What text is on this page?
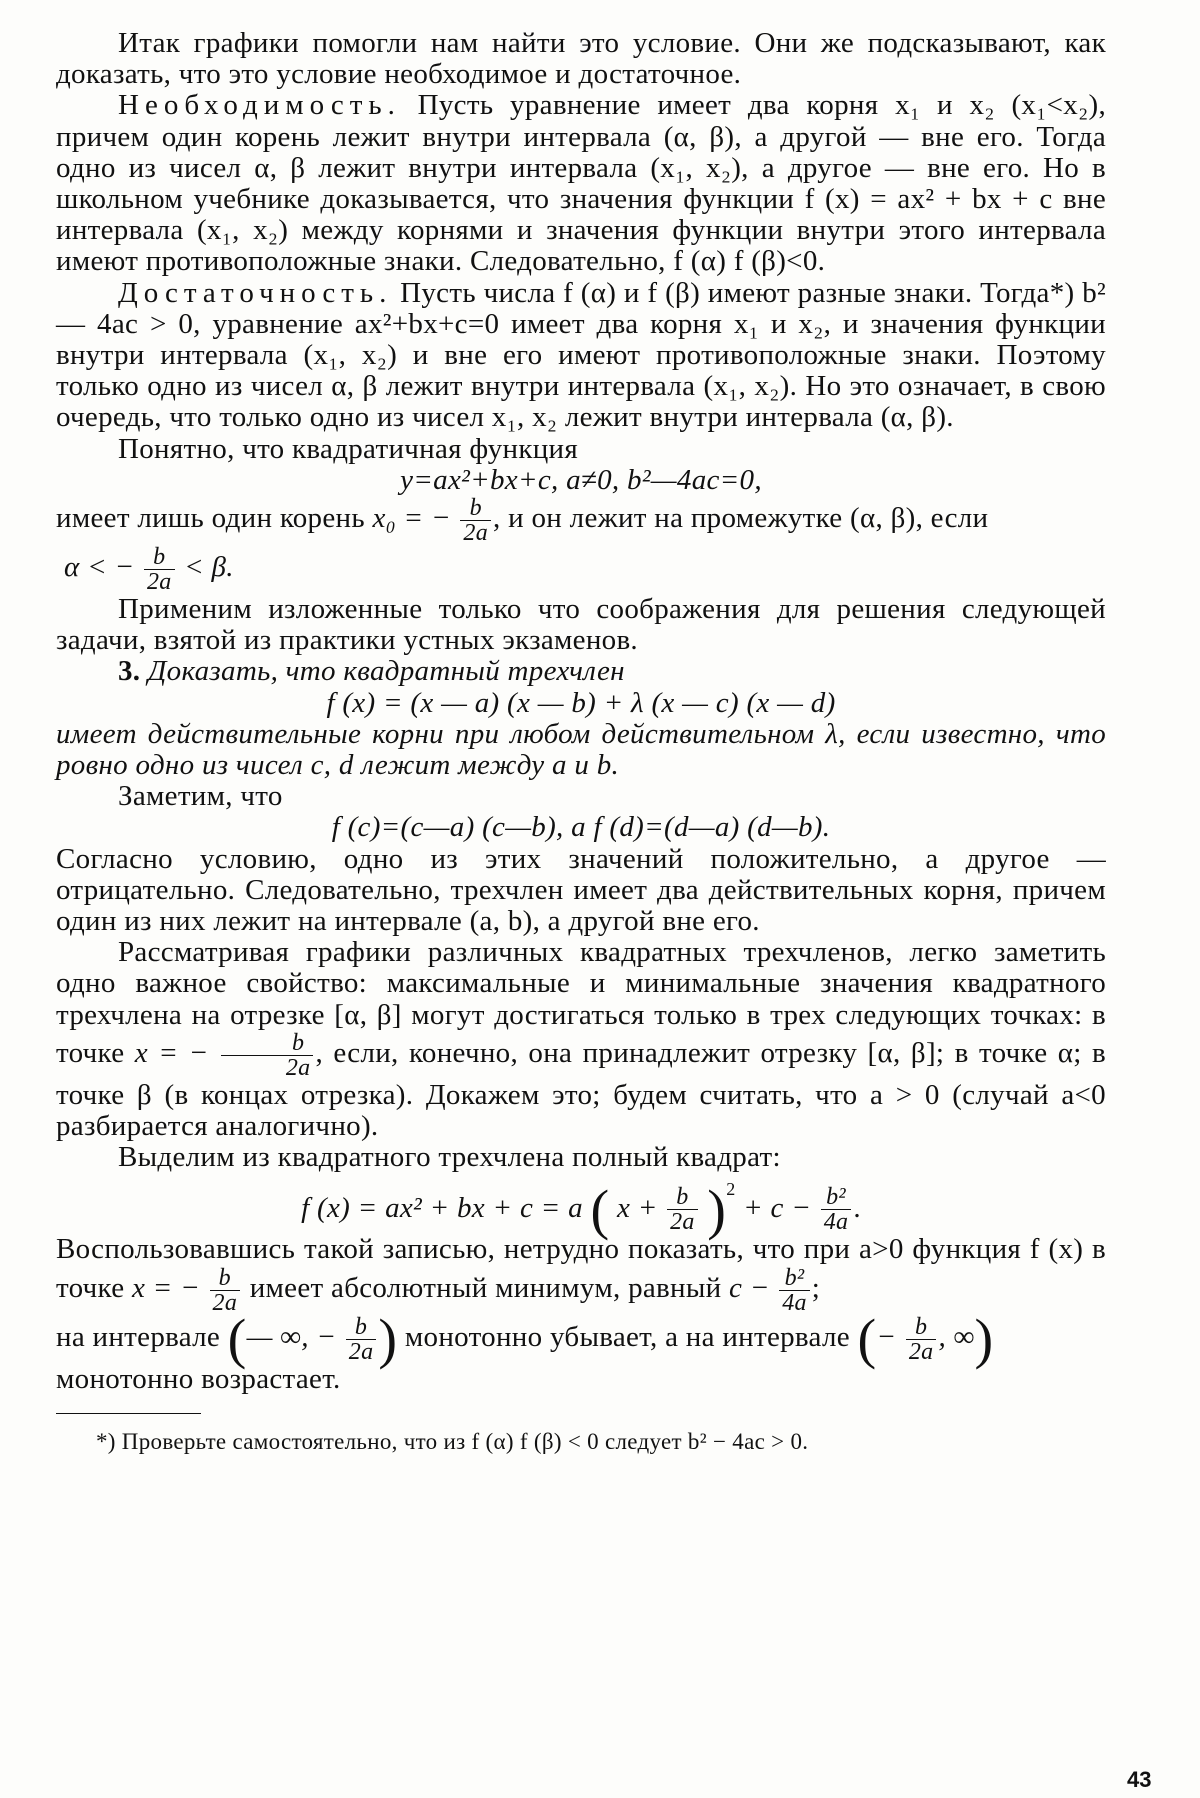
Итак графики помогли нам найти это условие. Они же подсказывают, как доказать, что это условие необходимое и достаточное.

Необходимость. Пусть уравнение имеет два корня x₁ и x₂ (x₁<x₂), причем один корень лежит внутри интервала (α, β), а другой — вне его. Тогда одно из чисел α, β лежит внутри интервала (x₁, x₂), а другое — вне его. Но в школьном учебнике доказывается, что значения функции f (x) = ax² + bx + c вне интервала (x₁, x₂) между корнями и значения функции внутри этого интервала имеют противоположные знаки. Следовательно, f (α) f (β)<0.

Достаточность. Пусть числа f (α) и f (β) имеют разные знаки. Тогда*) b²— 4ac > 0, уравнение ax²+bx+c=0 имеет два корня x₁ и x₂, и значения функции внутри интервала (x₁, x₂) и вне его имеют противоположные знаки. Поэтому только одно из чисел α, β лежит внутри интервала (x₁, x₂). Но это означает, в свою очередь, что только одно из чисел x₁, x₂ лежит внутри интервала (α, β).

Понятно, что квадратичная функция

y=ax²+bx+c, a≠0, b²—4ac=0,

имеет лишь один корень x₀ = − $\frac{b}{2a}$ , и он лежит на промежутке (α, β), если

α < − $\frac{b}{2a} < \beta$.

Применим изложенные только что соображения для решения следующей задачи, взятой из практики устных экзаменов.

3. Доказать, что квадратный трехчлен

f (x) = (x — a) (x — b) + λ (x — c) (x — d)

имеет действительные корни при любом действительном λ, если известно, что ровно одно из чисел c, d лежит между a и b.

Заметим, что

f (c)=(c—a) (c—b), а f (d)=(d—a) (d—b).

Согласно условию, одно из этих значений положительно, а другое — отрицательно. Следовательно, трехчлен имеет два действительных корня, причем один из них лежит на интервале (a, b), а другой вне его.

Рассматривая графики различных квадратных трехчленов, легко заметить одно важное свойство: максимальные и минимальные значения квадратного трехчлена на отрезке [α, β] могут достигаться только в трех следующих точках: в точке x = − $\frac{b}{2a}$ , если, конечно, она принадлежит отрезку [α, β]; в точке α; в точке β (в концах отрезка). Докажем это; будем считать, что a > 0 (случай a<0 разбирается аналогично).

Выделим из квадратного трехчлена полный квадрат:

f (x) = ax² + bx + c = a ( $x + \frac{b}{2a} )^2 + c - \frac{\text{b²}}{4a}$ .

Воспользовавшись такой записью, нетрудно показать, что при a>0 функция f (x) в точке x = − $\frac{b}{2a}$ имеет абсолютный минимум, равный $c - \frac{\text{b²}}{4a}$ ;

на интервале (— ∞, − $\frac{b}{2a}$ ) монотонно убывает, а на интервале (− $\frac{b}{2a}$ , ∞)

монотонно возрастает.

*) Проверьте самостоятельно, что из f (α) f (β) < 0 следует b² − 4ac > 0.

43
